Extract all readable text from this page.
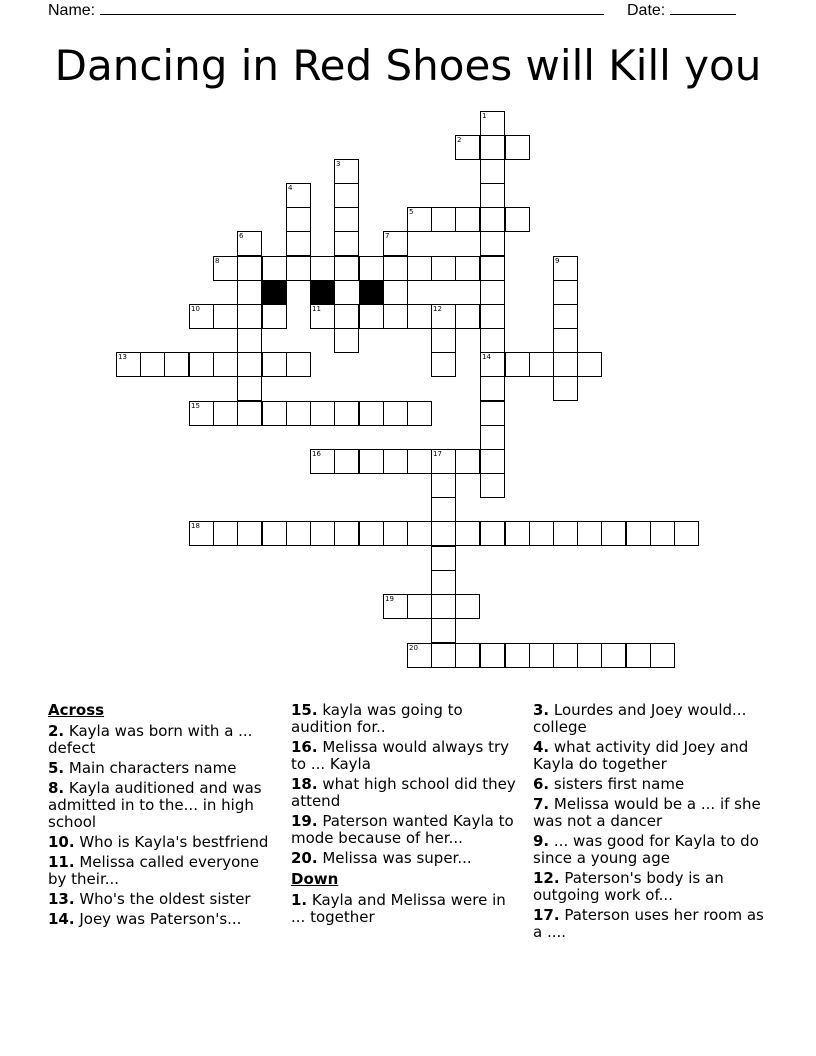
Name:	Date:
Dancing in Red Shoes will Kill you
1
2
3
4
5
6	7
8	9
10	11	12
13	14
15
16	17
18
19
20
Across
2. Kayla was born with a ... defect
5. Main characters name
8. Kayla auditioned and was admitted in to the... in high school
10. Who is Kayla's bestfriend
11. Melissa called everyone by their...
13. Who's the oldest sister
14. Joey was Paterson's...
15. kayla was going to audition for..
16. Melissa would always try to ... Kayla
18. what high school did they attend
19. Paterson wanted Kayla to mode because of her...
20. Melissa was super...
Down
1. Kayla and Melissa were in ... together
3. Lourdes and Joey would... college
4. what activity did Joey and Kayla do together
6. sisters first name
7. Melissa would be a ... if she was not a dancer
9. ... was good for Kayla to do since a young age
12. Paterson's body is an outgoing work of...
17. Paterson uses her room as a ....
